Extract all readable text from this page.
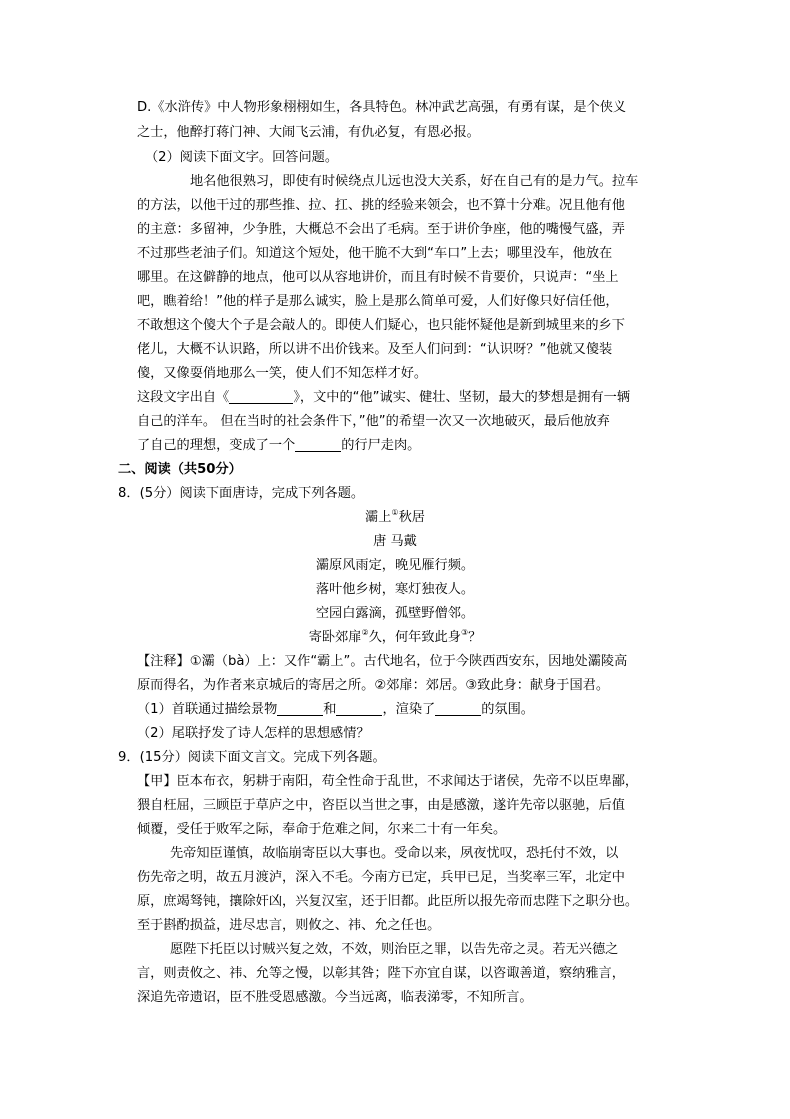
D.《水浒传》中人物形象栩栩如生，各具特色。林冲武艺高强，有勇有谋，是个侠义
之士，他醉打蒋门神、大闹飞云浦，有仇必复，有恩必报。
（2）阅读下面文字。回答问题。
地名他很熟习，即使有时候绕点儿远也没大关系，好在自己有的是力气。拉车
的方法，以他干过的那些推、拉、扛、挑的经验来领会，也不算十分难。况且他有他
的主意：多留神，少争胜，大概总不会出了毛病。至于讲价争座，他的嘴慢气盛，弄
不过那些老油子们。知道这个短处，他干脆不大到“车口”上去；哪里没车，他放在
哪里。在这僻静的地点，他可以从容地讲价，而且有时候不肯要价，只说声：“坐上
吧，瞧着给！”他的样子是那么诚实，脸上是那么简单可爱，人们好像只好信任他，
不敢想这个傻大个子是会敲人的。即使人们疑心，也只能怀疑他是新到城里来的乡下
佬儿，大概不认识路，所以讲不出价钱来。及至人们问到：“认识呀？”他就又傻装
傻，又像耍俏地那么一笑，使人们不知怎样才好。
这段文字出自《	》，文中的“他”诚实、健壮、坚韧，最大的梦想是拥有一辆
自己的洋车。 但在当时的社会条件下，”他”的希望一次又一次地破灭，最后他放弃
了自己的理想，变成了一个	的行尸走肉。
二、阅读（共50分）
8．(5分）阅读下面唐诗，完成下列各题。
灞上①秋居
唐 马戴
灞原风雨定，晚见雁行频。
落叶他乡树，寒灯独夜人。
空园白露滴，孤壁野僧邻。
寄卧郊扉②久，何年致此身③？
【注释】①灞（bà）上：又作“霸上”。古代地名，位于今陕西西安东，因地处灞陵高
原而得名，为作者来京城后的寄居之所。②郊扉：郊居。③致此身：献身于国君。
（1）首联通过描绘景物	和	，渲染了	的氛围。
（2）尾联抒发了诗人怎样的思想感情？
9．(15分）阅读下面文言文。完成下列各题。
【甲】臣本布衣，躬耕于南阳，苟全性命于乱世，不求闻达于诸侯，先帝不以臣卑鄙，
猥自枉屈，三顾臣于草庐之中，咨臣以当世之事，由是感激，遂许先帝以驱驰，后值
倾覆，受任于败军之际，奉命于危难之间，尔来二十有一年矣。
先帝知臣谨慎，故临崩寄臣以大事也。受命以来，夙夜忧叹，恐托付不效，以
伤先帝之明，故五月渡泸，深入不毛。今南方已定，兵甲已足，当奖率三军，北定中
原，庶竭驽钝，攘除奸凶，兴复汉室，还于旧都。此臣所以报先帝而忠陛下之职分也。
至于斟酌损益，进尽忠言，则攸之、祎、允之任也。
愿陛下托臣以讨贼兴复之效，不效，则治臣之罪，以告先帝之灵。若无兴德之
言，则责攸之、祎、允等之慢，以彰其咎；陛下亦宜自谋，以咨诹善道，察纳雅言，
深追先帝遗诏，臣不胜受恩感激。今当远离，临表涕零，不知所言。
